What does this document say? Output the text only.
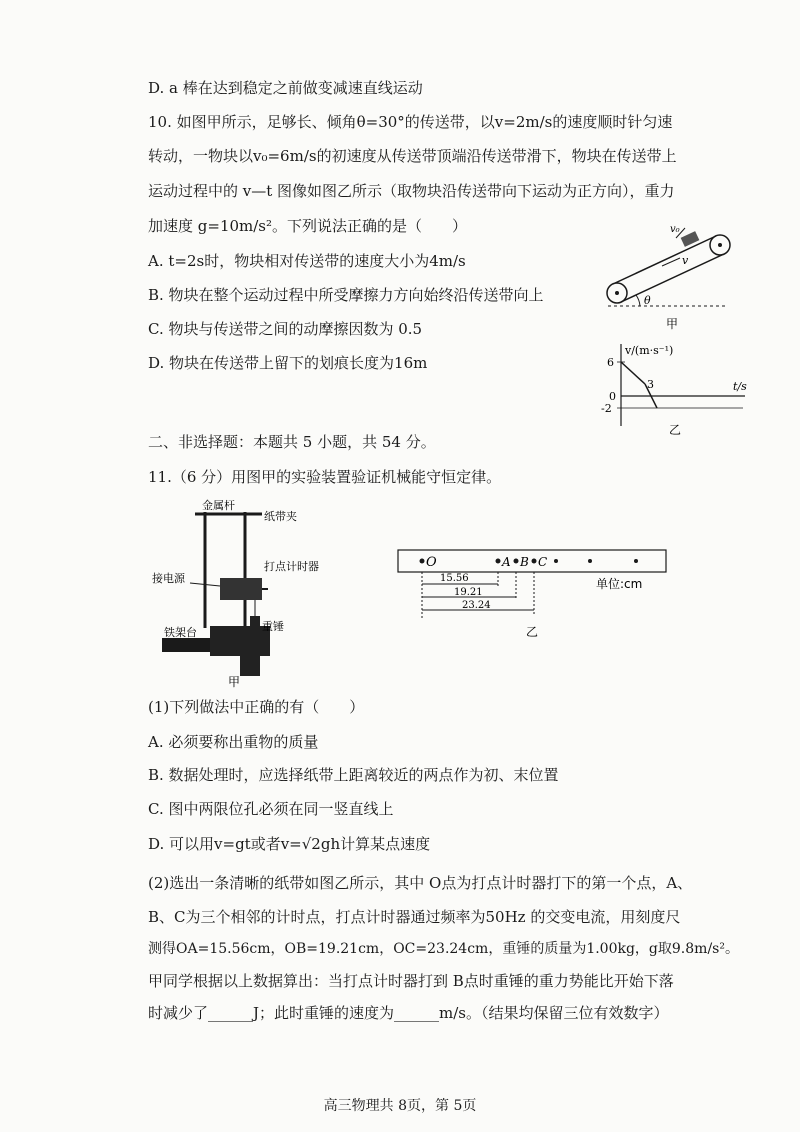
D. a 棒在达到稳定之前做变减速直线运动
10. 如图甲所示，足够长、倾角θ=30°的传送带，以v=2m/s的速度顺时针匀速
转动，一物块以v₀=6m/s的初速度从传送带顶端沿传送带滑下，物块在传送带上
运动过程中的 v—t 图像如图乙所示（取物块沿传送带向下运动为正方向），重力
加速度 g=10m/s²。下列说法正确的是（　　）
A. t=2s时，物块相对传送带的速度大小为4m/s
B. 物块在整个运动过程中所受摩擦力方向始终沿传送带向上
C. 物块与传送带之间的动摩擦因数为 0.5
D. 物块在传送带上留下的划痕长度为16m
v₀
v
θ
甲
v/(m·s⁻¹)
t/s
6
0
-2
3
乙
二、非选择题：本题共 5 小题，共 54 分。
11.（6 分）用图甲的实验装置验证机械能守恒定律。
金属杆
纸带夹
打点计时器
接电源
重锤
铁架台
甲
O	A B C
15.56
19.21
23.24
单位:cm
乙
(1)下列做法中正确的有（　　）
A. 必须要称出重物的质量
B. 数据处理时，应选择纸带上距离较近的两点作为初、末位置
C. 图中两限位孔必须在同一竖直线上
D. 可以用v=gt或者v=√2gh计算某点速度
(2)选出一条清晰的纸带如图乙所示，其中 O点为打点计时器打下的第一个点，A、
B、C为三个相邻的计时点，打点计时器通过频率为50Hz 的交变电流，用刻度尺
测得OA=15.56cm，OB=19.21cm，OC=23.24cm，重锤的质量为1.00kg，g取9.8m/s²。
甲同学根据以上数据算出：当打点计时器打到 B点时重锤的重力势能比开始下落
时减少了______J；此时重锤的速度为______m/s。（结果均保留三位有效数字）
高三物理共 8页，第 5页
